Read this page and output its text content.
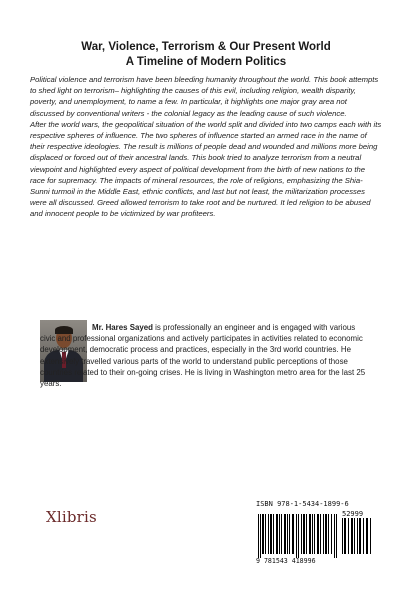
War, Violence, Terrorism & Our Present World
A Timeline of Modern Politics

Political violence and terrorism have been bleeding humanity throughout the world. This book attempts to shed light on terrorism– highlighting the causes of this evil, including religion, wealth disparity, poverty, and unemployment, to name a few. In particular, it highlights one major gray area not discussed by conventional writers - the colonial legacy as the leading cause of such violence.

After the world wars, the geopolitical situation of the world split and divided into two camps each with its respective spheres of influence. The two spheres of influence started an armed race in the name of their respective ideologies. The result is millions of people dead and wounded and millions more being displaced or forced out of their ancestral lands. This book tried to analyze terrorism from a neutral viewpoint and highlighted every aspect of political development from the birth of new nations to the race for supremacy. The impacts of mineral resources, the role of religions, emphasizing the Shia-Sunni turmoil in the Middle East, ethnic conflicts, and last but not least, the militarization processes were all discussed. Greed allowed terrorism to take root and be nurtured. It led religion to be abused and innocent people to be victimized by war profiteers.

Mr. Hares Sayed is professionally an engineer and is engaged with various civic and professional organizations and actively participates in activities related to economic development, democratic process and practices, especially in the 3rd world countries. He extensively travelled various parts of the world to understand public perceptions of those countries related to their on-going crises. He is living in Washington metro area for the last 25 years.
Xlibris
ISBN 978-1-5434-1899-6
52999
9 781543 418996
